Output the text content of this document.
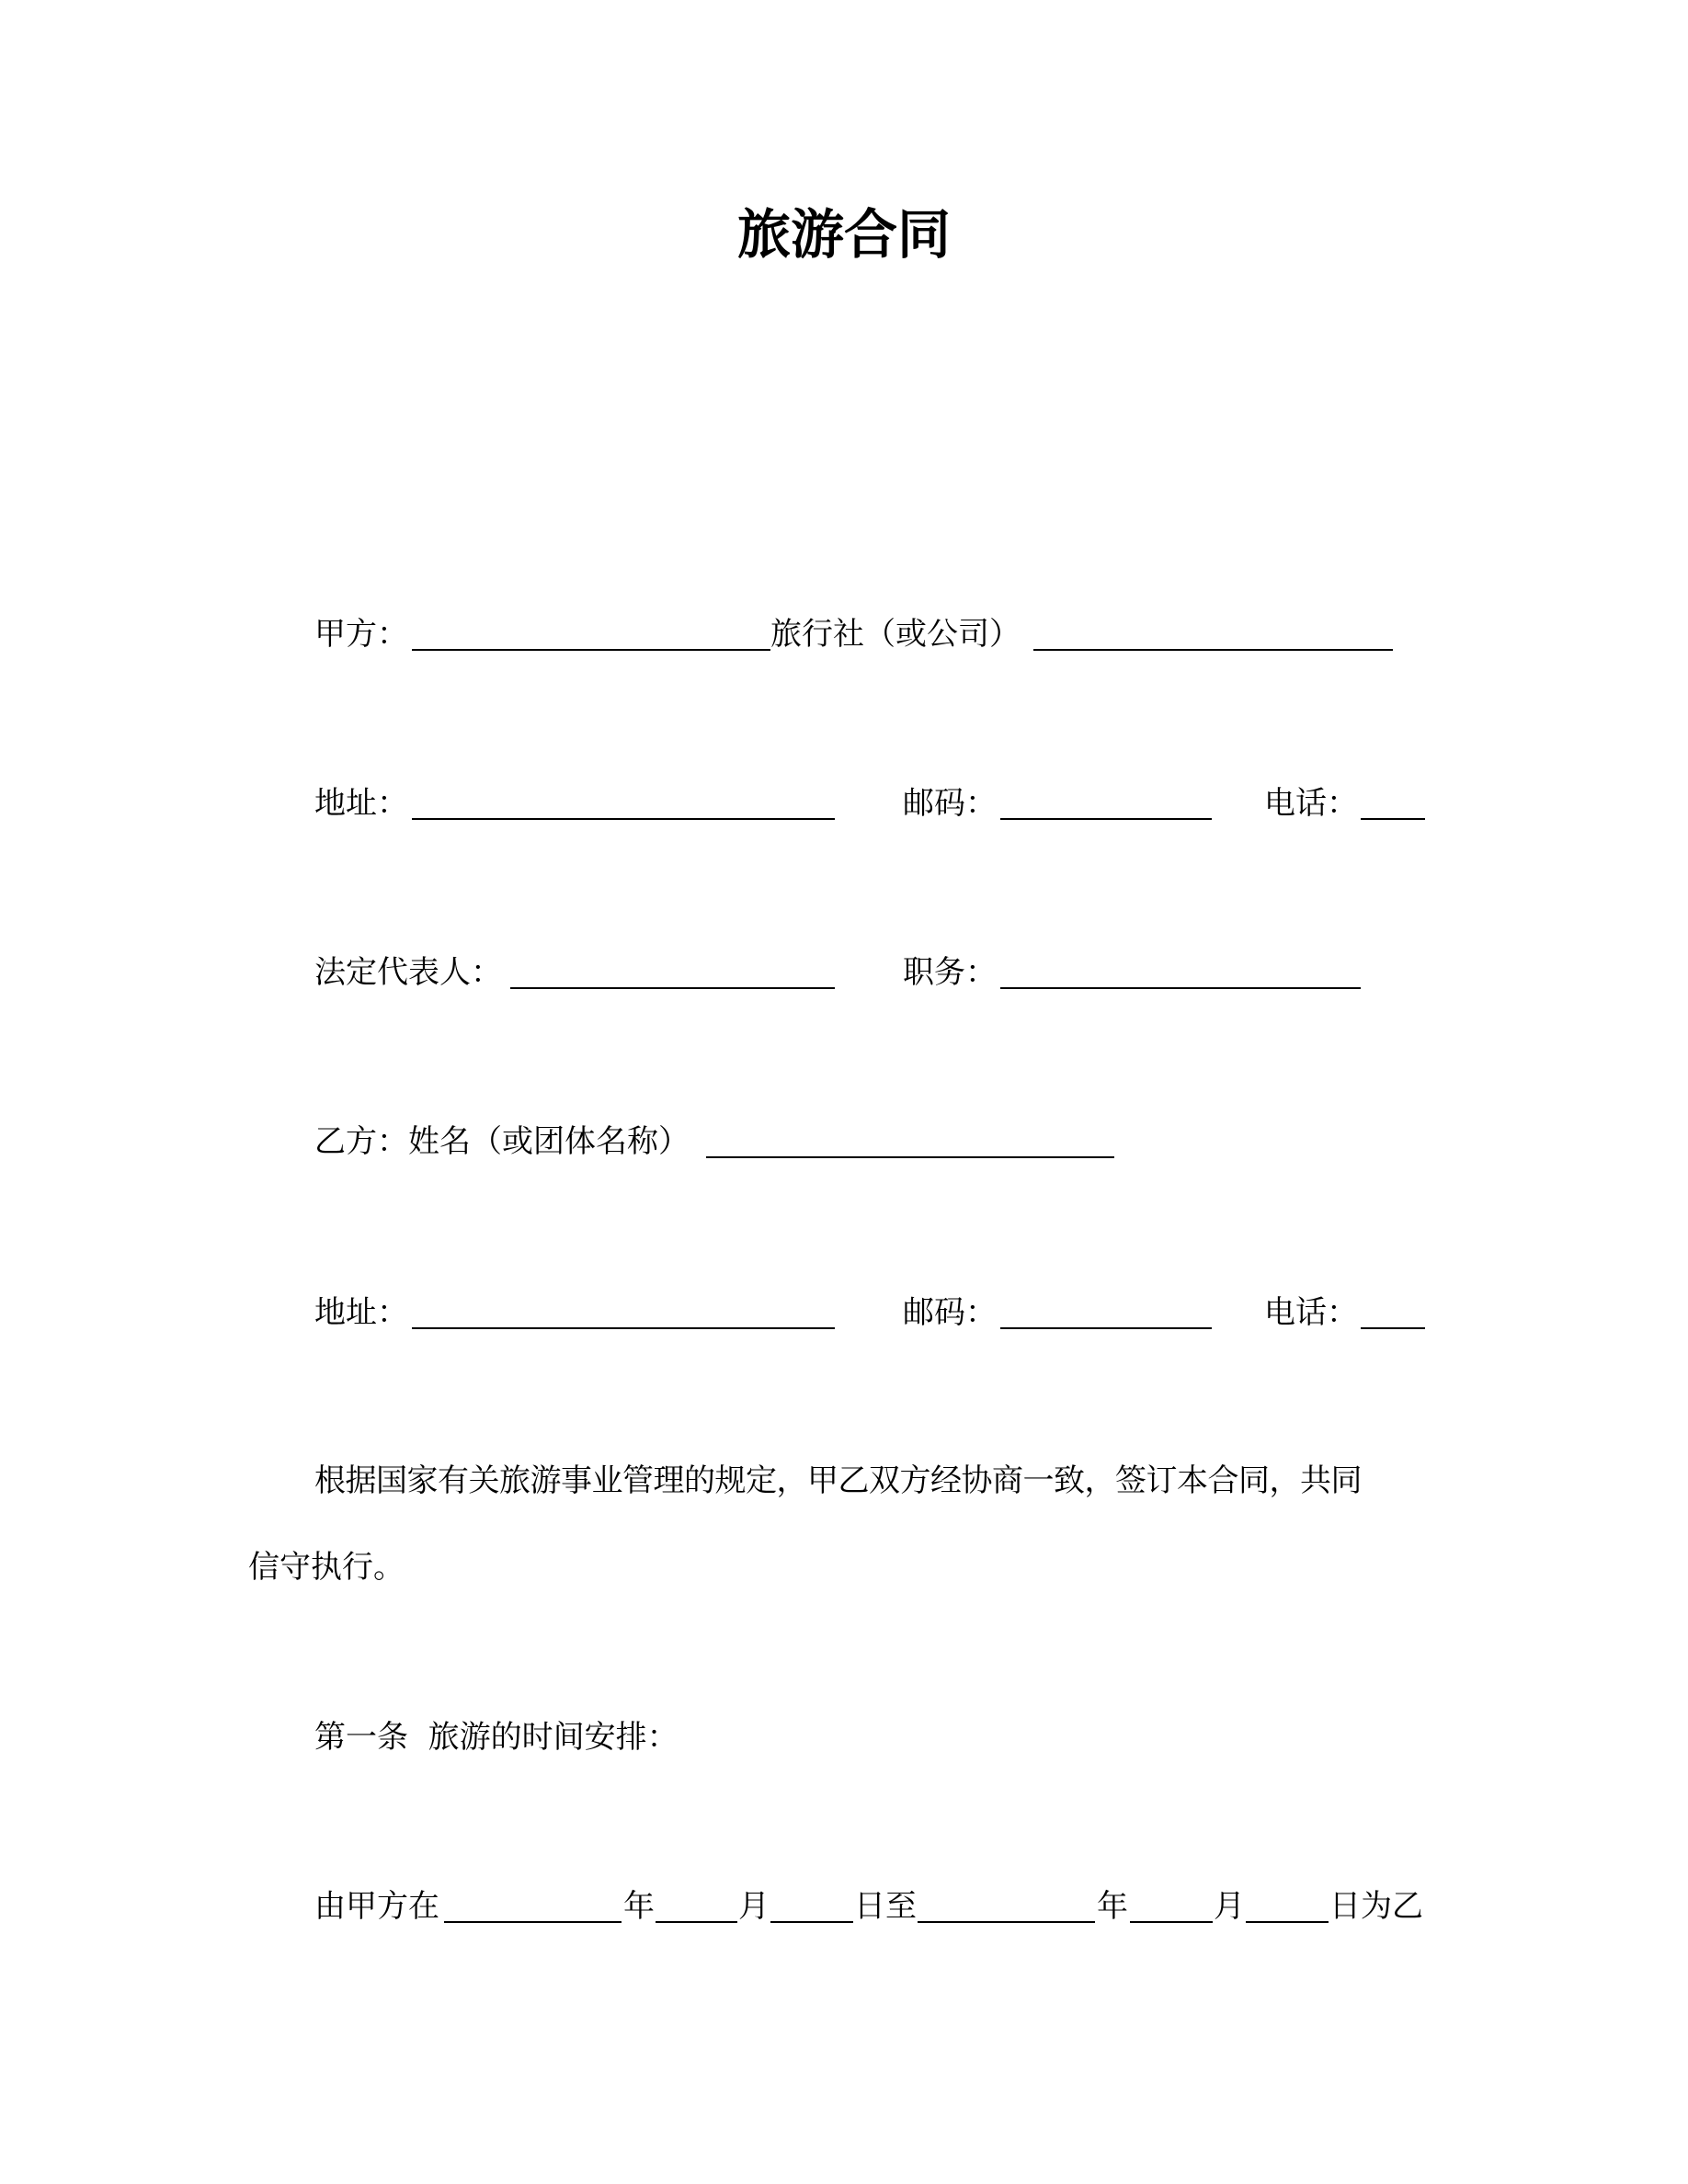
旅游合同
甲方：	旅行社（或公司）
地址：	邮码：	电话：
法定代表人：	职务：
乙方：姓名（或团体名称）
地址：	邮码：	电话：
根据国家有关旅游事业管理的规定，甲乙双方经协商一致，签订本合同，共同
信守执行。
第一条  旅游的时间安排：
由甲方在	年	月	日至	年	月	日为乙
